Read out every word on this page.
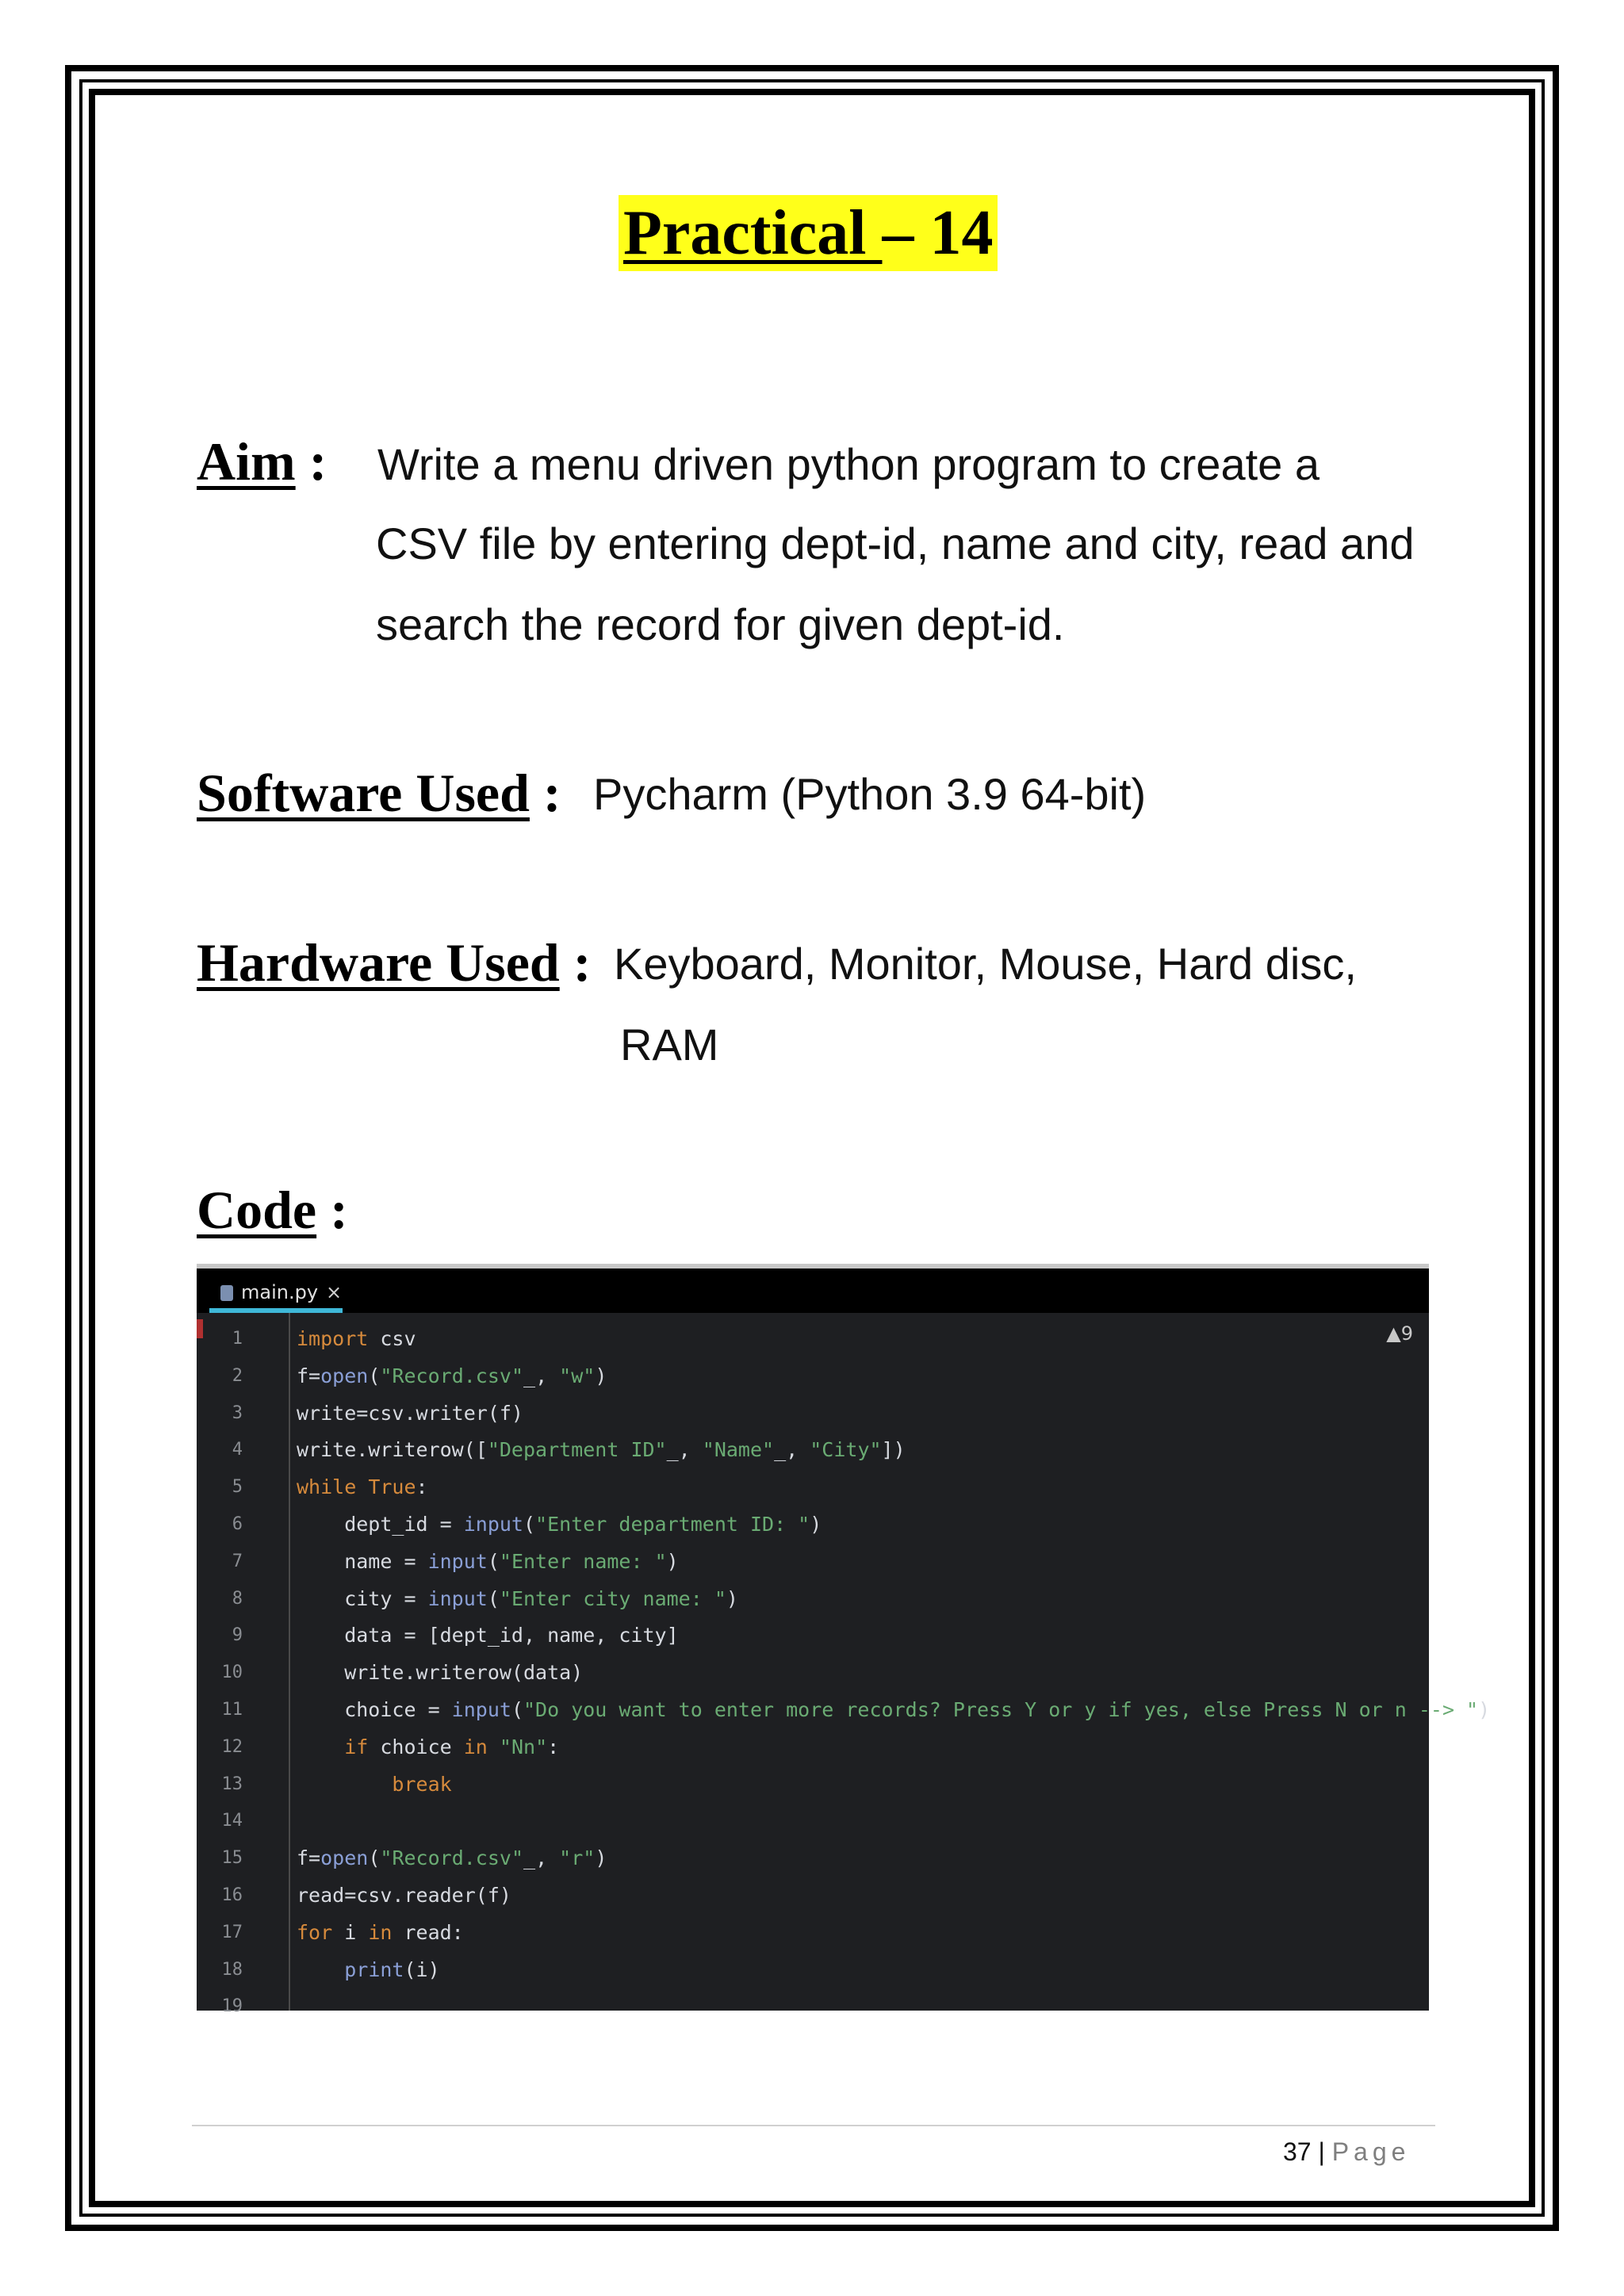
Practical – 14
Aim : Write a menu driven python program to create a
CSV file by entering dept-id, name and city, read and
search the record for given dept-id.
Software Used : Pycharm (Python 3.9 64-bit)
Hardware Used : Keyboard, Monitor, Mouse, Hard disc,
RAM
Code :
main.py ×
▲9
1	import csv
2	f=open("Record.csv"_, "w")
3	write=csv.writer(f)
4	write.writerow(["Department ID"_, "Name"_, "City"])
5	while True:
6	dept_id = input("Enter department ID: ")
7	name = input("Enter name: ")
8	city = input("Enter city name: ")
9	data = [dept_id, name, city]
10	write.writerow(data)
11	choice = input("Do you want to enter more records? Press Y or y if yes, else Press N or n --> ")
12	if choice in "Nn":
13	break
14
15	f=open("Record.csv"_, "r")
16	read=csv.reader(f)
17	for i in read:
18	print(i)
19
37 | Page
